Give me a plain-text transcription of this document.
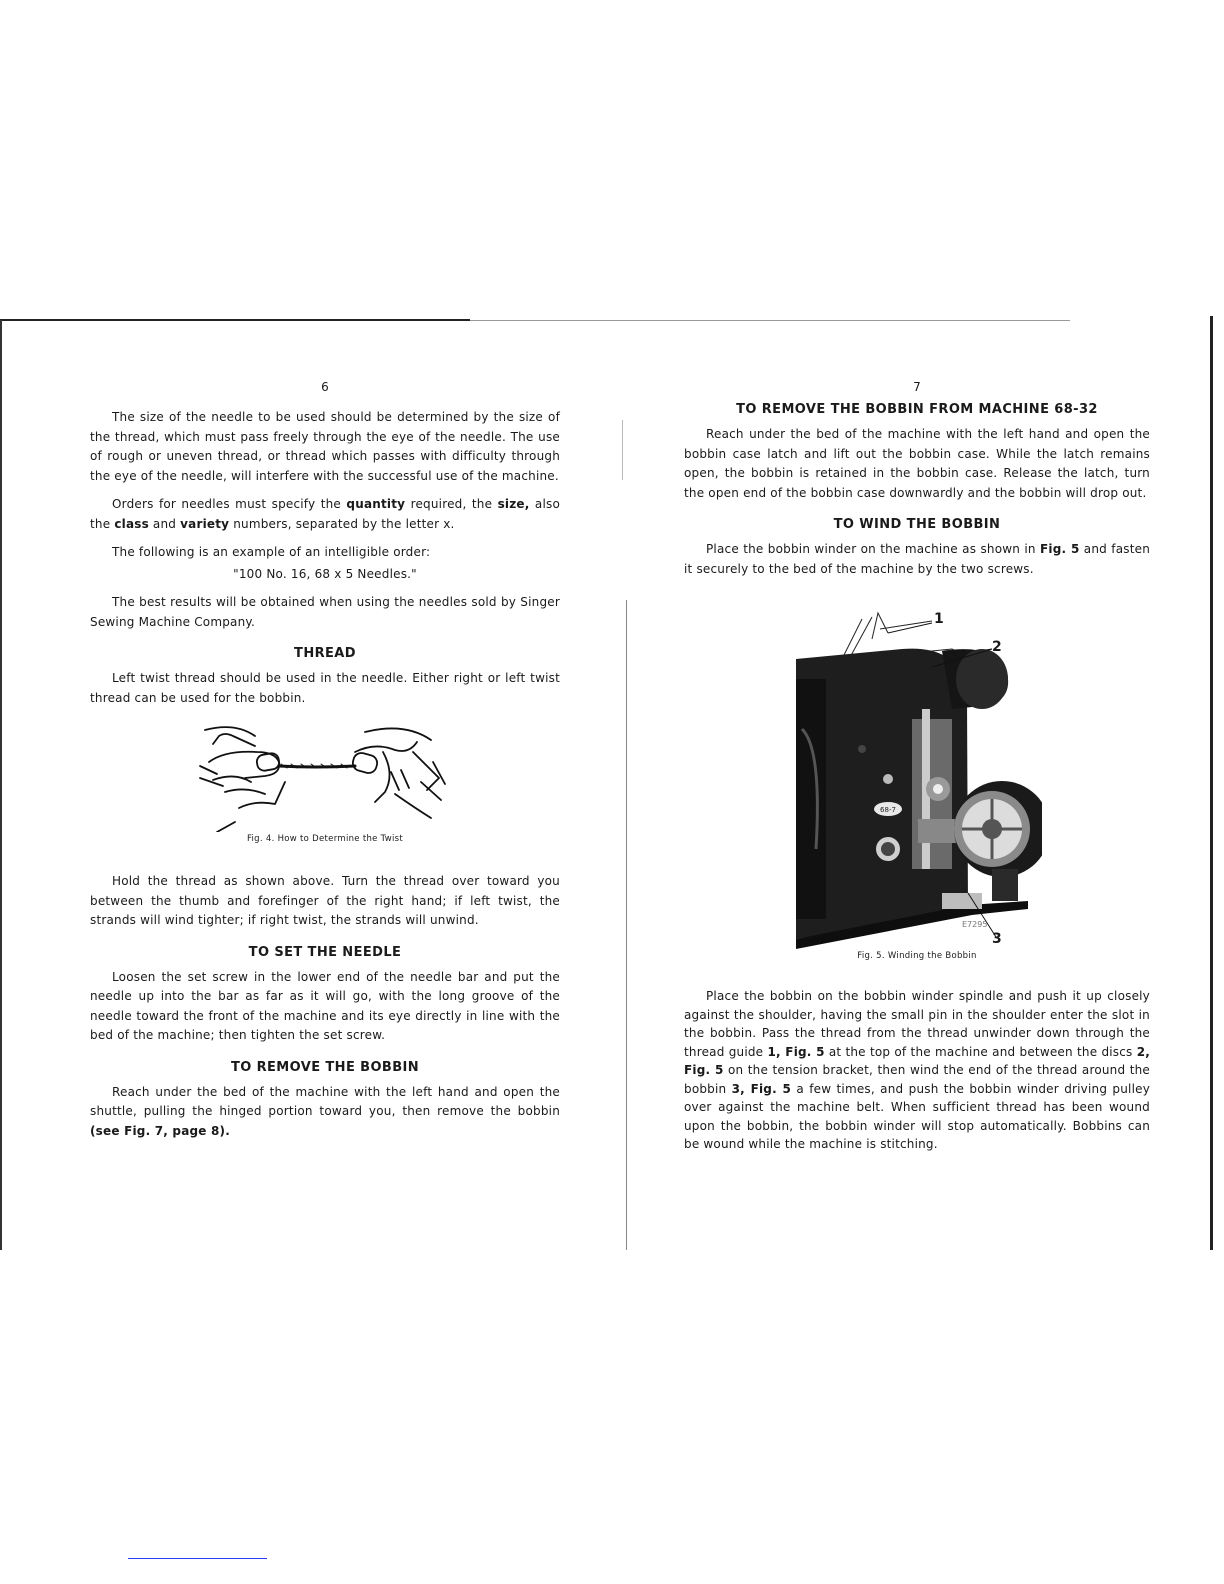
6

The size of the needle to be used should be determined by the size of the thread, which must pass freely through the eye of the needle. The use of rough or uneven thread, or thread which passes with difficulty through the eye of the needle, will interfere with the successful use of the machine.

Orders for needles must specify the quantity required, the size, also the class and variety numbers, separated by the letter x.

The following is an example of an intelligible order:

"100 No. 16, 68 x 5 Needles."

The best results will be obtained when using the needles sold by Singer Sewing Machine Company.

THREAD

Left twist thread should be used in the needle. Either right or left twist thread can be used for the bobbin.

Fig. 4. How to Determine the Twist

Hold the thread as shown above. Turn the thread over toward you between the thumb and forefinger of the right hand; if left twist, the strands will wind tighter; if right twist, the strands will unwind.

TO SET THE NEEDLE

Loosen the set screw in the lower end of the needle bar and put the needle up into the bar as far as it will go, with the long groove of the needle toward the front of the machine and its eye directly in line with the bed of the machine; then tighten the set screw.

TO REMOVE THE BOBBIN

Reach under the bed of the machine with the left hand and open the shuttle, pulling the hinged portion toward you, then remove the bobbin (see Fig. 7, page 8).

7
TO REMOVE THE BOBBIN FROM MACHINE 68-32

Reach under the bed of the machine with the left hand and open the bobbin case latch and lift out the bobbin case. While the latch remains open, the bobbin is retained in the bobbin case. Release the latch, turn the open end of the bobbin case downwardly and the bobbin will drop out.

TO WIND THE BOBBIN

Place the bobbin winder on the machine as shown in Fig. 5 and fasten it securely to the bed of the machine by the two screws.

68-7
E7295
1
2
3
Fig. 5. Winding the Bobbin

Place the bobbin on the bobbin winder spindle and push it up closely against the shoulder, having the small pin in the shoulder enter the slot in the bobbin. Pass the thread from the thread unwinder down through the thread guide 1, Fig. 5 at the top of the machine and between the discs 2, Fig. 5 on the tension bracket, then wind the end of the thread around the bobbin 3, Fig. 5 a few times, and push the bobbin winder driving pulley over against the machine belt. When sufficient thread has been wound upon the bobbin, the bobbin winder will stop automatically. Bobbins can be wound while the machine is stitching.
